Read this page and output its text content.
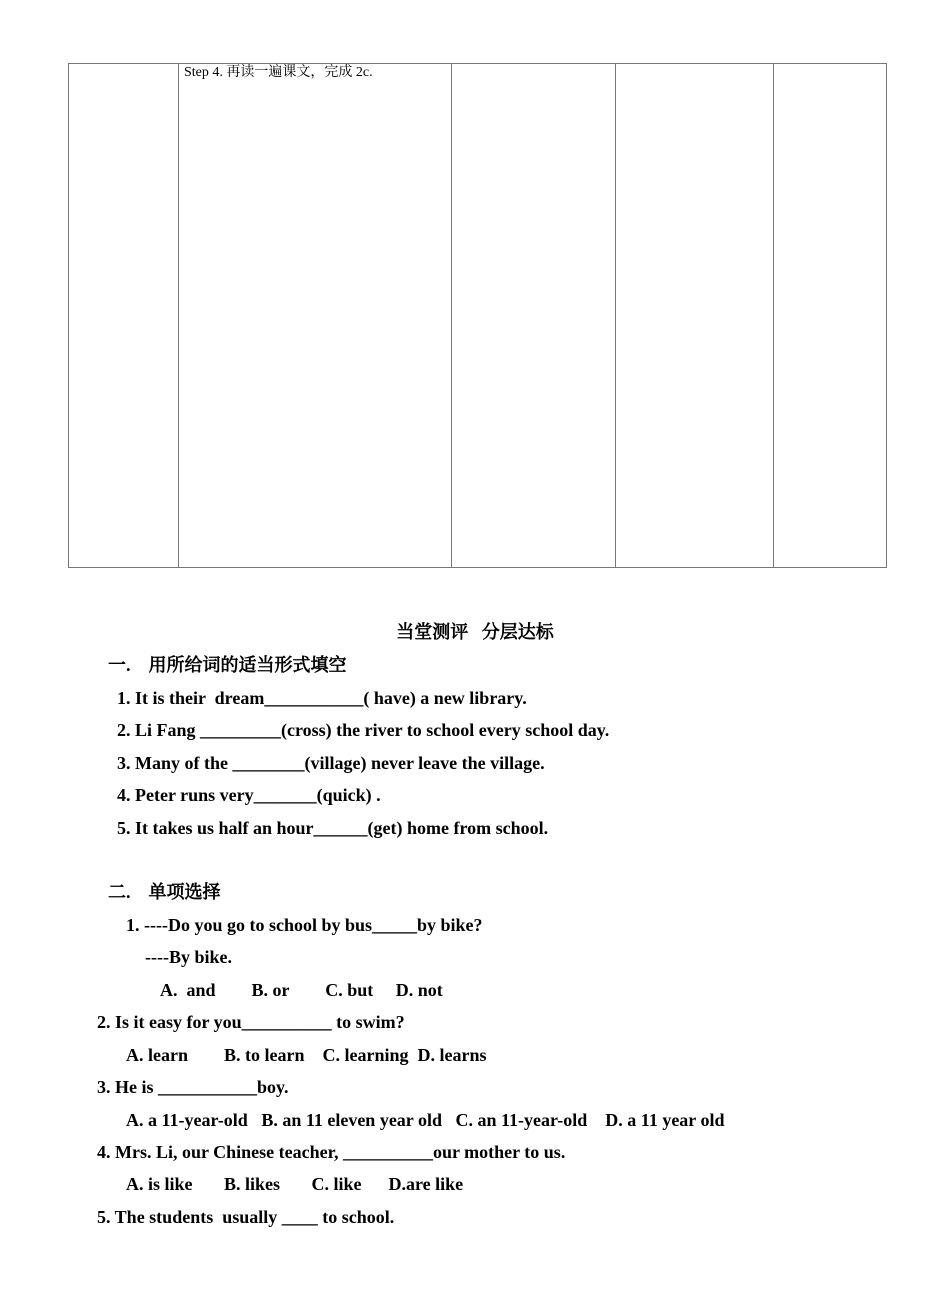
Step 4. 再读一遍课文，完成 2c.
当堂测评   分层达标
一.    用所给词的适当形式填空
1. It is their  dream___________( have) a new library.
2. Li Fang _________(cross) the river to school every school day.
3. Many of the ________(village) never leave the village.
4. Peter runs very_______(quick) .
5. It takes us half an hour______(get) home from school.
二.    单项选择
1. ----Do you go to school by bus_____by bike?
----By bike.
A.  and        B. or        C. but     D. not
2. Is it easy for you__________ to swim?
A. learn        B. to learn    C. learning  D. learns
3. He is ___________boy.
A. a 11-year-old   B. an 11 eleven year old   C. an 11-year-old    D. a 11 year old
4. Mrs. Li, our Chinese teacher, __________our mother to us.
A. is like       B. likes       C. like      D.are like
5. The students  usually ____ to school.
